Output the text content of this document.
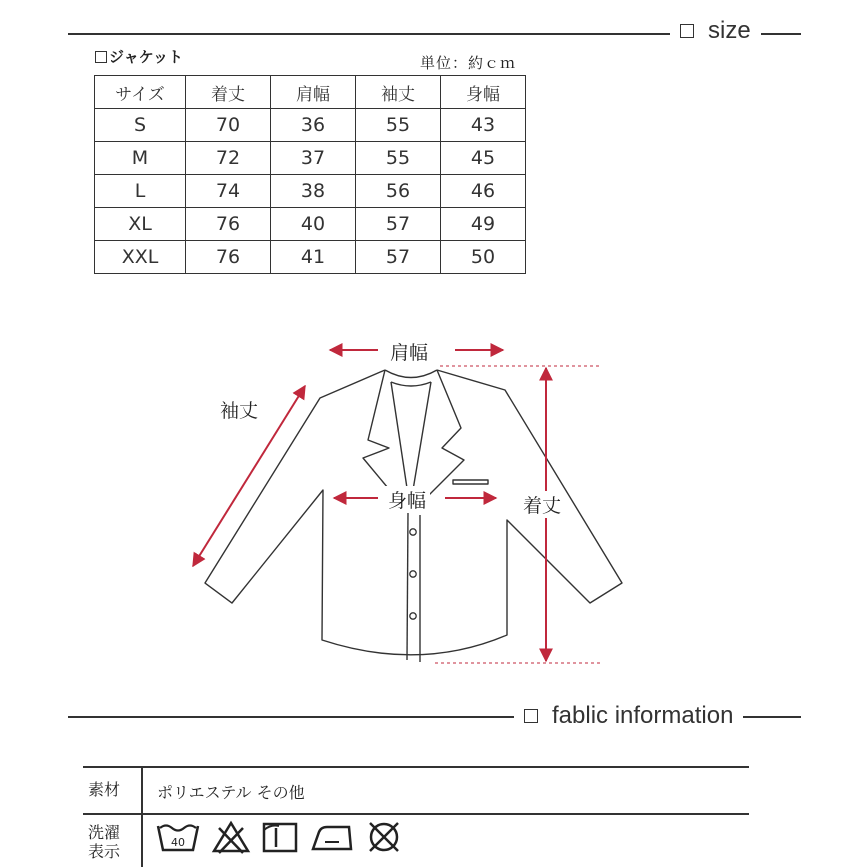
size
ジャケット	単位：約ｃｍ
サイズ	着丈	肩幅	袖丈	身幅
S	70	36	55	43
M	72	37	55	45
L	74	38	56	46
XL	76	40	57	49
XXL	76	41	57	50
肩幅
袖丈
身幅	着丈
fablic information
素材 ポリエステル その他
洗濯
表示	40
